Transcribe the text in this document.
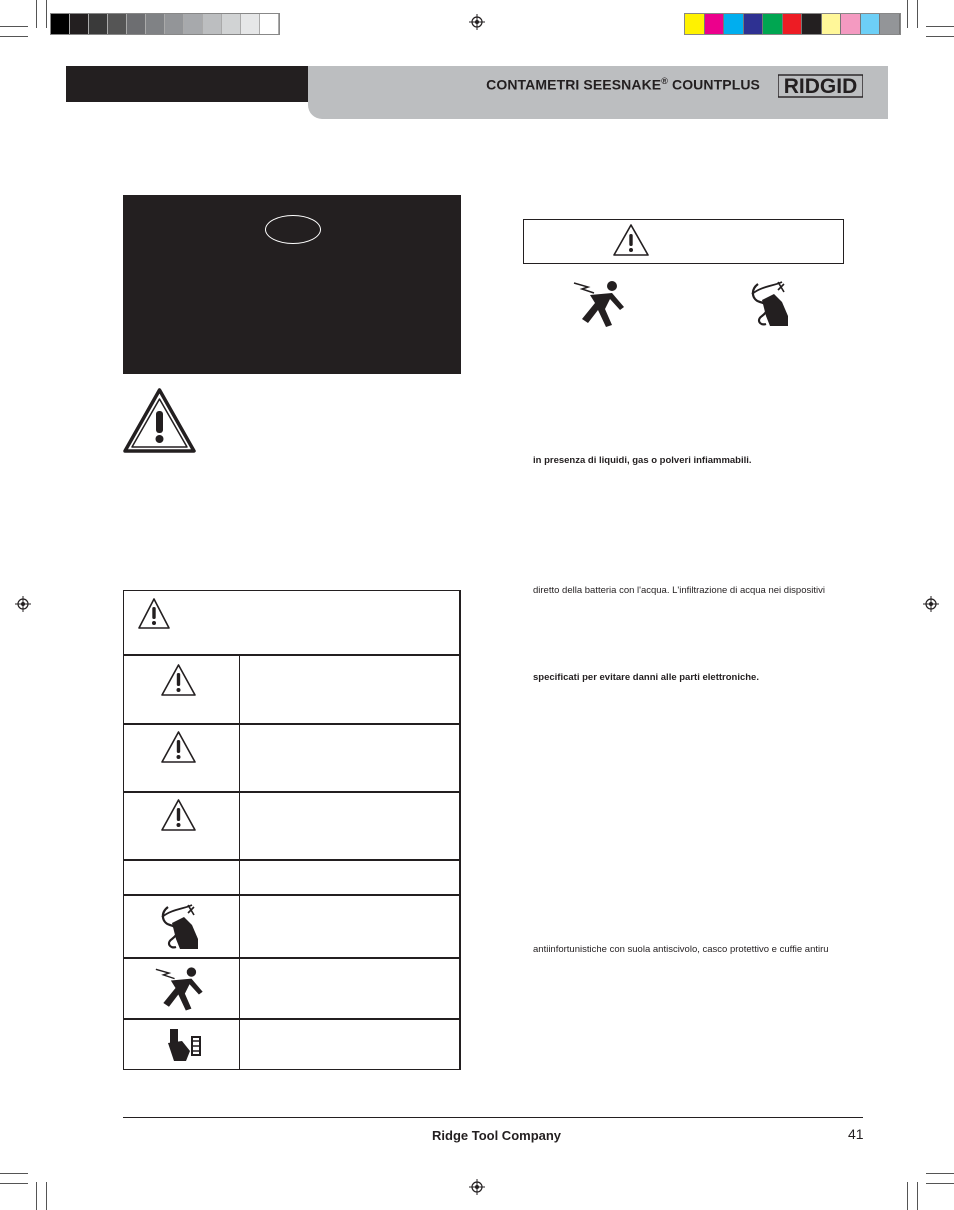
CONTAMETRI SEESNAKE® COUNTPLUS RIDGID
in presenza di liquidi, gas o polveri infiammabili.
diretto della batteria con l'acqua. L'infiltrazione di acqua nei dispositivi
specificati per evitare danni alle parti elettroniche.
antiinfortunistiche con suola antiscivolo, casco protettivo e cuffie antiru
Ridge Tool Company	41
